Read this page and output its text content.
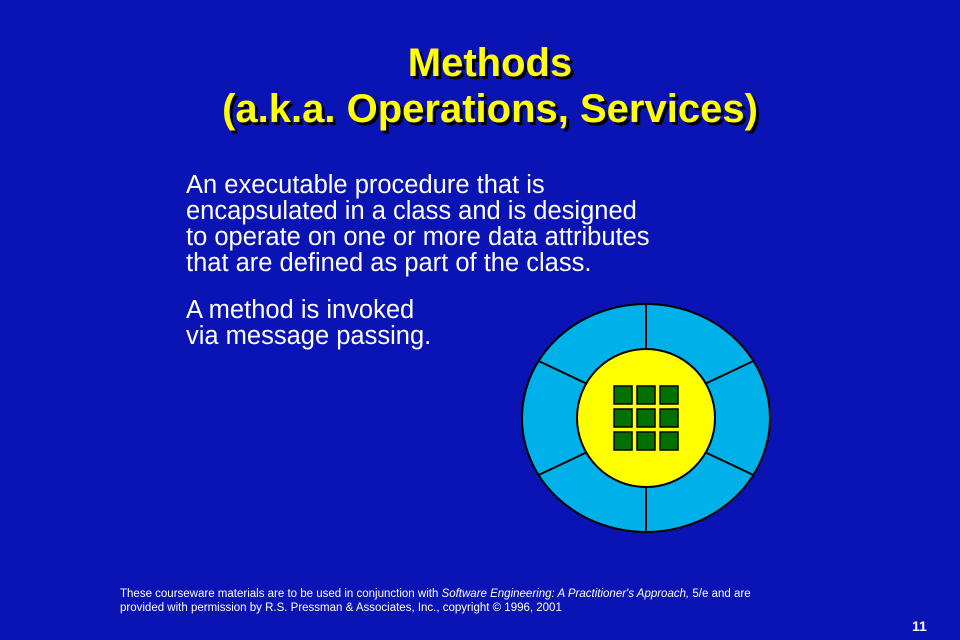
Methods
(a.k.a. Operations, Services)

An executable procedure that is
encapsulated in a class and is designed
to operate on one or more data attributes
that are defined as part of the class.

A method is invoked
via message passing.

These courseware materials are to be used in conjunction with Software Engineering: A Practitioner's Approach, 5/e and are
provided with permission by R.S. Pressman & Associates, Inc., copyright © 1996, 2001

11
